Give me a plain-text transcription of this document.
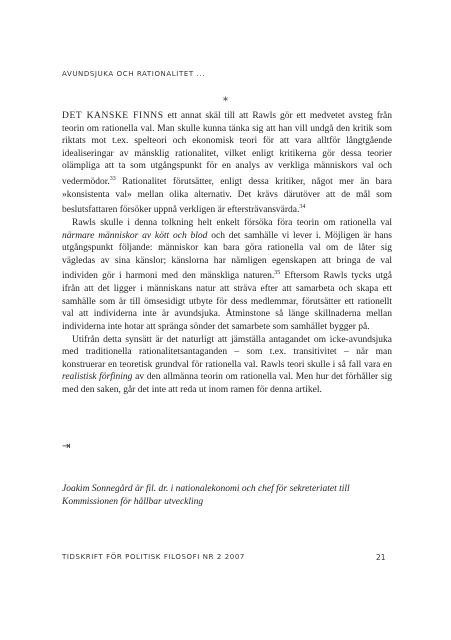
AVUNDSJUKA OCH RATIONALITET ...
*

DET KANSKE FINNS ett annat skäl till att Rawls gör ett medvetet avsteg från teorin om rationella val. Man skulle kunna tänka sig att han vill undgå den kritik som riktats mot t.ex. spelteori och ekonomisk teori för att vara alltför långtgående idealiseringar av mänsklig rationalitet, vilket enligt kritikerna gör dessa teorier olämpliga att ta som utgångspunkt för en analys av verkliga människors val och vedermödor.$^{33}$ Rationalitet förutsätter, enligt dessa kritiker, något mer än bara »konsistenta val» mellan olika alternativ. Det krävs därutöver att de mål som beslutsfattaren försöker uppnå verkligen är eftersträvansvärda.$^{34}$

Rawls skulle i denna tolkning helt enkelt försöka föra teorin om rationella val närmare människor av kött och blod och det samhälle vi lever i. Möjligen är hans utgångspunkt följande: människor kan bara göra rationella val om de låter sig vägledas av sina känslor; känslorna har nämligen egenskapen att bringa de val individen gör i harmoni med den mänskliga naturen.$^{35}$ Eftersom Rawls tycks utgå ifrån att det ligger i människans natur att sträva efter att samarbeta och skapa ett samhälle som är till ömsesidigt utbyte för dess medlemmar, förutsätter ett rationellt val att individerna inte är avundsjuka. Åtminstone så länge skillnaderna mellan individerna inte hotar att spränga sönder det samarbete som samhället bygger på.

Utifrån detta synsätt är det naturligt att jämställa antagandet om icke-avundsjuka med traditionella rationalitetsantaganden – som t.ex. transitivitet – när man konstruerar en teoretisk grundval för rationella val. Rawls teori skulle i så fall vara en realistisk förfining av den allmänna teorin om rationella val. Men hur det förhåller sig med den saken, går det inte att reda ut inom ramen för denna artikel.

⇥

Joakim Sonnegård är fil. dr. i nationalekonomi och chef för sekreteriatet till Kommissionen för hållbar utveckling

TIDSKRIFT FÖR POLITISK FILOSOFI NR 2 2007	21
